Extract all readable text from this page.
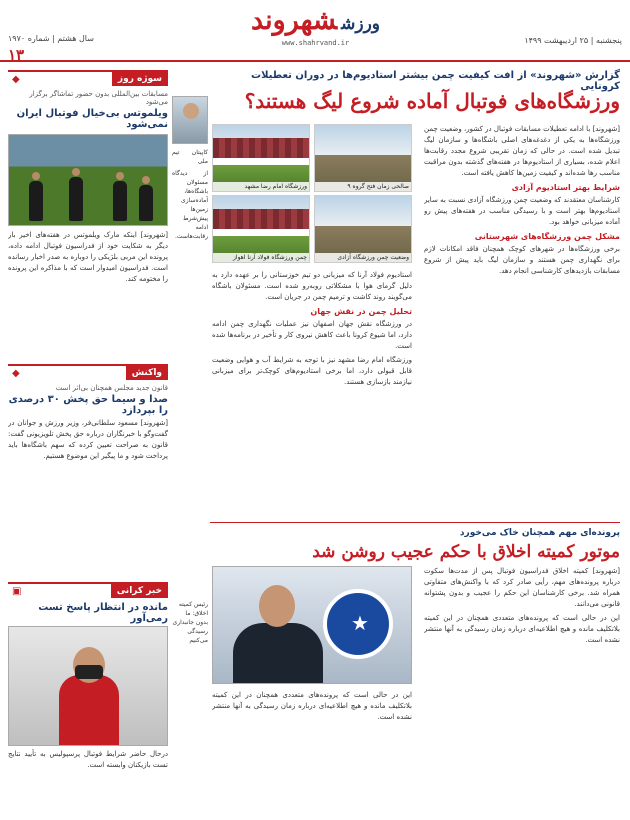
ورزششهروند
www.shahrvand.ir	پنجشنبه | ۲۵ اردیبهشت ۱۴۹۹
سال هشتم | شماره ۱۹۷۰
۱۳
گزارش «شهروند» از افت کیفیت چمن بیشتر استادیوم‌ها در دوران تعطیلات کرونایی
ورزشگاه‌های فوتبال آماده شروع لیگ هستند؟
صالحی زمان فتح گروه ۹
ورزشگاه امام رضا مشهد
وضعیت چمن ورزشگاه آزادی
چمن ورزشگاه فولاد آرنا اهواز

[شهروند] با ادامه تعطیلات مسابقات فوتبال در کشور، وضعیت چمن ورزشگاه‌ها به یکی از دغدغه‌های اصلی باشگاه‌ها و سازمان لیگ تبدیل شده است. در حالی که زمان تقریبی شروع مجدد رقابت‌ها اعلام شده، بسیاری از استادیوم‌ها در هفته‌های گذشته بدون مراقبت مناسب رها شده‌اند و کیفیت زمین‌ها کاهش یافته است.

شرایط بهتر استادیوم آزادی

کارشناسان معتقدند که وضعیت چمن ورزشگاه آزادی نسبت به سایر استادیوم‌ها بهتر است و با رسیدگی مناسب در هفته‌های پیش رو آماده میزبانی خواهد بود.

مشکل چمن ورزشگاه‌های شهرستانی

برخی ورزشگاه‌ها در شهرهای کوچک همچنان فاقد امکانات لازم برای نگهداری چمن هستند و سازمان لیگ باید پیش از شروع مسابقات بازدیدهای کارشناسی انجام دهد.

استادیوم فولاد آرنا که میزبانی دو تیم خوزستانی را بر عهده دارد به دلیل گرمای هوا با مشکلاتی روبه‌رو شده است. مسئولان باشگاه می‌گویند روند کاشت و ترمیم چمن در جریان است.

تحلیل چمن در نقش جهان

در ورزشگاه نقش جهان اصفهان نیز عملیات نگهداری چمن ادامه دارد، اما شیوع کرونا باعث کاهش نیروی کار و تأخیر در برنامه‌ها شده است.

ورزشگاه امام رضا مشهد نیز با توجه به شرایط آب و هوایی وضعیت قابل قبولی دارد، اما برخی استادیوم‌های کوچک‌تر برای میزبانی نیازمند بازسازی هستند.

کاپیتان تیم ملی

از دیدگاه مسئولان باشگاه‌ها، آماده‌سازی زمین‌ها پیش‌شرط ادامه رقابت‌هاست.

پرونده‌ای مهم همچنان خاک می‌خورد
موتور کمیته اخلاق با حکم عجیب روشن شد
★

[شهروند] کمیته اخلاق فدراسیون فوتبال پس از مدت‌ها سکوت درباره پرونده‌های مهم، رأیی صادر کرد که با واکنش‌های متفاوتی همراه شد. برخی کارشناسان این حکم را عجیب و بدون پشتوانه قانونی می‌دانند.

این در حالی است که پرونده‌های متعددی همچنان در این کمیته بلاتکلیف مانده و هیچ اطلاعیه‌ای درباره زمان رسیدگی به آنها منتشر نشده است.

این در حالی است که پرونده‌های متعددی همچنان در این کمیته بلاتکلیف مانده و هیچ اطلاعیه‌ای درباره زمان رسیدگی به آنها منتشر نشده است.

رئیس کمیته اخلاق: ما بدون جانبداری رسیدگی می‌کنیم
سوژه روز
◆
مسابقات بین‌المللی بدون حضور تماشاگر برگزار می‌شود
ویلموتس بی‌خیال فوتبال ایران نمی‌شود

[شهروند] اینکه مارک ویلموتس در هفته‌های اخیر بار دیگر به شکایت خود از فدراسیون فوتبال ادامه داده، پرونده این مربی بلژیکی را دوباره به صدر اخبار رسانده است. فدراسیون امیدوار است که با مذاکره این پرونده را مختومه کند.

واکنش
◆
قانون جدید مجلس همچنان بی‌اثر است
صدا و سیما حق پخش ۳۰ درصدی را بپردازد

[شهروند] مسعود سلطانی‌فر، وزیر ورزش و جوانان در گفت‌وگو با خبرنگاران درباره حق پخش تلویزیونی گفت: قانون به صراحت تعیین کرده که سهم باشگاه‌ها باید پرداخت شود و ما پیگیر این موضوع هستیم.

خبر کرانی
▣
مانده در انتظار پاسخ تست رمی‌آور

درحال حاضر شرایط فوتبال پرسپولیس به تأیید نتایج تست بازیکنان وابسته است.
